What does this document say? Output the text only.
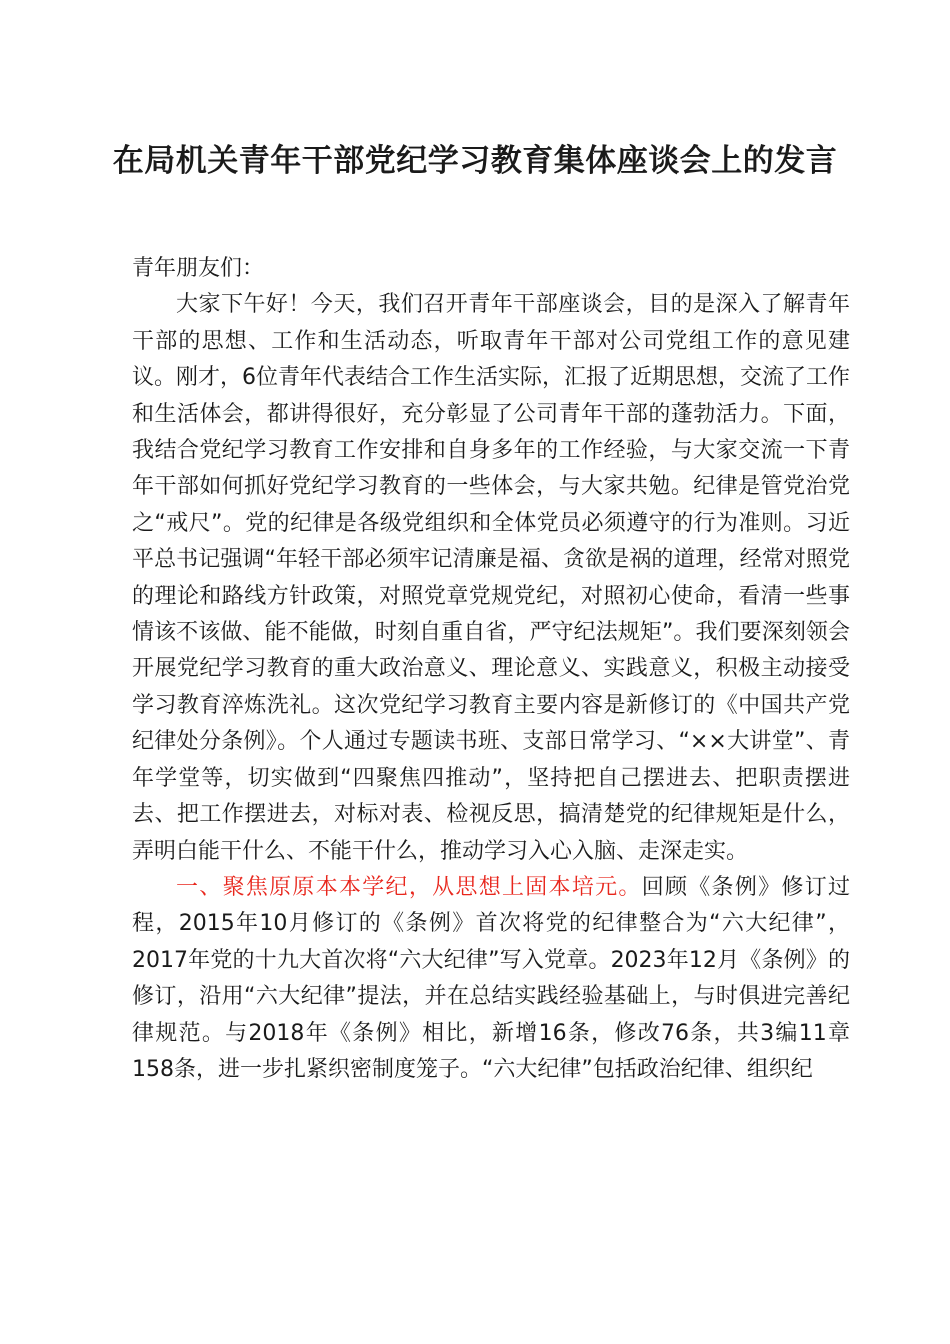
在局机关青年干部党纪学习教育集体座谈会上的发言

青年朋友们：

大家下午好！今天，我们召开青年干部座谈会，目的是深入了解青年干部的思想、工作和生活动态，听取青年干部对公司党组工作的意见建议。刚才，6位青年代表结合工作生活实际，汇报了近期思想，交流了工作和生活体会，都讲得很好，充分彰显了公司青年干部的蓬勃活力。下面，我结合党纪学习教育工作安排和自身多年的工作经验，与大家交流一下青年干部如何抓好党纪学习教育的一些体会，与大家共勉。纪律是管党治党之“戒尺”。党的纪律是各级党组织和全体党员必须遵守的行为准则。习近平总书记强调“年轻干部必须牢记清廉是福、贪欲是祸的道理，经常对照党的理论和路线方针政策，对照党章党规党纪，对照初心使命，看清一些事情该不该做、能不能做，时刻自重自省，严守纪法规矩”。我们要深刻领会开展党纪学习教育的重大政治意义、理论意义、实践意义，积极主动接受学习教育淬炼洗礼。这次党纪学习教育主要内容是新修订的《中国共产党纪律处分条例》。个人通过专题读书班、支部日常学习、“××大讲堂”、青年学堂等，切实做到“四聚焦四推动”，坚持把自己摆进去、把职责摆进去、把工作摆进去，对标对表、检视反思，搞清楚党的纪律规矩是什么，弄明白能干什么、不能干什么，推动学习入心入脑、走深走实。

一、聚焦原原本本学纪，从思想上固本培元。回顾《条例》修订过程，2015年10月修订的《条例》首次将党的纪律整合为“六大纪律”，2017年党的十九大首次将“六大纪律”写入党章。2023年12月《条例》的修订，沿用“六大纪律”提法，并在总结实践经验基础上，与时俱进完善纪律规范。与2018年《条例》相比，新增16条，修改76条，共3编11章158条，进一步扎紧织密制度笼子。“六大纪律”包括政治纪律、组织纪
